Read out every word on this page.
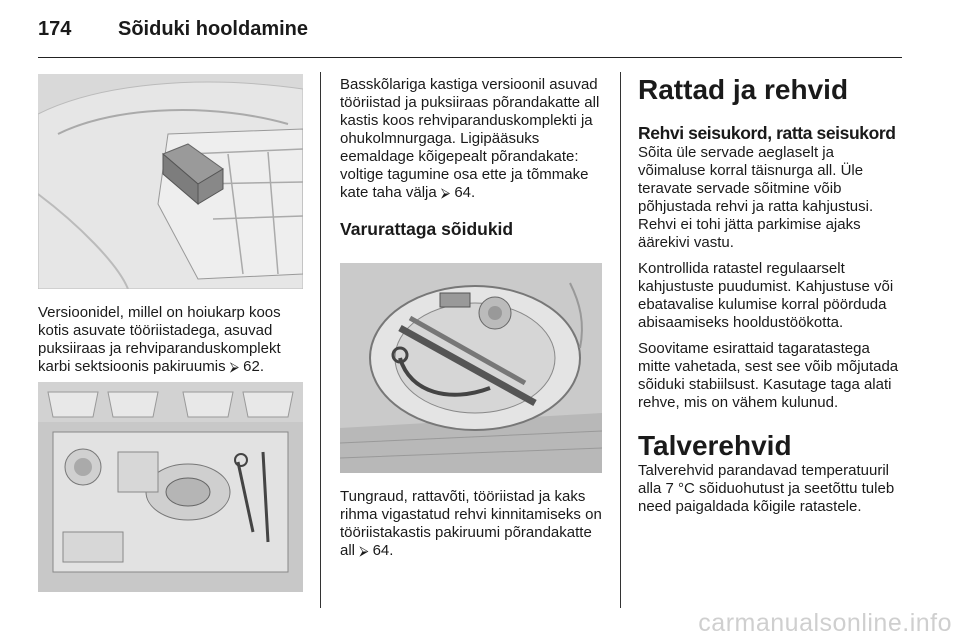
174 Sõiduki hooldamine

Versioonidel, millel on hoiukarp koos kotis asuvate tööriistadega, asuvad puksiiraas ja rehviparanduskomplekt karbi sektsioonis pakiruumis ⮚ 62.

Basskõlariga kastiga versioonil asuvad tööriistad ja puksiiraas põrandakatte all kastis koos rehviparanduskomplekti ja ohukolmnurgaga. Ligipääsuks eemaldage kõigepealt põrandakate: voltige tagumine osa ette ja tõmmake kate taha välja ⮚ 64.

Varurattaga sõidukid

Tungraud, rattavõti, tööriistad ja kaks rihma vigastatud rehvi kinnitamiseks on tööriistakastis pakiruumi põrandakatte all ⮚ 64.

Rattad ja rehvid
Rehvi seisukord, ratta seisukord

Sõita üle servade aeglaselt ja võimaluse korral täisnurga all. Üle teravate servade sõitmine võib põhjustada rehvi ja ratta kahjustusi. Rehvi ei tohi jätta parkimise ajaks äärekivi vastu.

Kontrollida ratastel regulaarselt kahjustuste puudumist. Kahjustuse või ebatavalise kulumise korral pöörduda abisaamiseks hooldustöökotta.

Soovitame esirattaid tagaratastega mitte vahetada, sest see võib mõjutada sõiduki stabiilsust. Kasutage taga alati rehve, mis on vähem kulunud.

Talverehvid

Talverehvid parandavad temperatuuril alla 7 °C sõiduohutust ja seetõttu tuleb need paigaldada kõigile ratastele.

carmanualsonline.info
